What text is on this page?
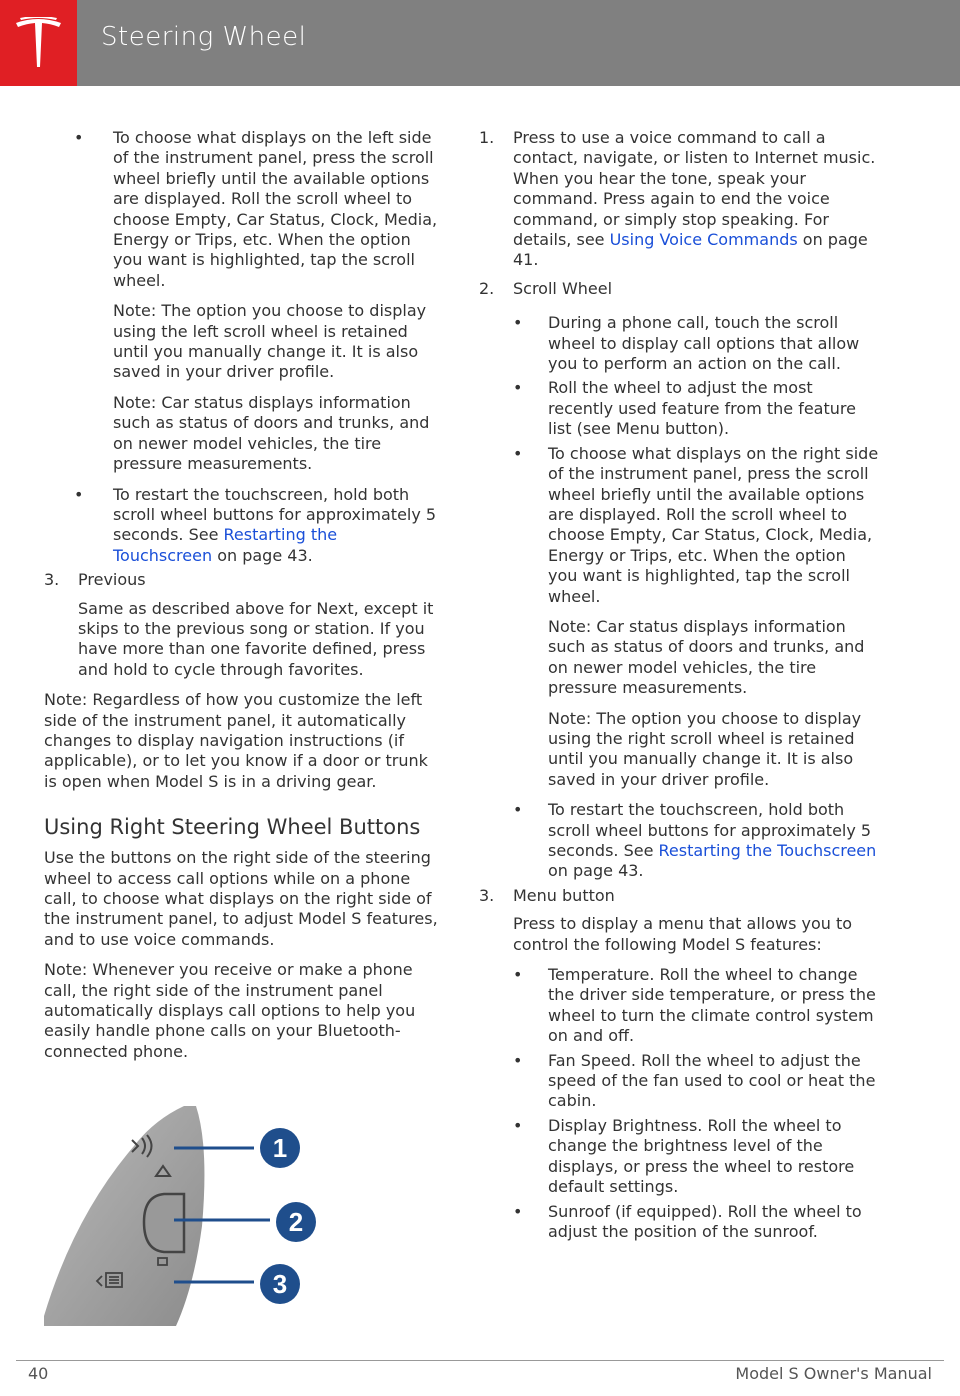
Steering Wheel
• To choose what displays on the left side of the instrument panel, press the scroll wheel briefly until the available options are displayed. Roll the scroll wheel to choose Empty, Car Status, Clock, Media, Energy or Trips, etc. When the option you want is highlighted, tap the scroll wheel.
Note: The option you choose to display using the left scroll wheel is retained until you manually change it. It is also saved in your driver profile.
Note: Car status displays information such as status of doors and trunks, and on newer model vehicles, the tire pressure measurements.
• To restart the touchscreen, hold both scroll wheel buttons for approximately 5 seconds. See Restarting the Touchscreen on page 43.
3. Previous
Same as described above for Next, except it skips to the previous song or station. If you have more than one favorite defined, press and hold to cycle through favorites.

Note: Regardless of how you customize the left side of the instrument panel, it automatically changes to display navigation instructions (if applicable), or to let you know if a door or trunk is open when Model S is in a driving gear.

Using Right Steering Wheel Buttons

Use the buttons on the right side of the steering wheel to access call options while on a phone call, to choose what displays on the right side of the instrument panel, to adjust Model S features, and to use voice commands.

Note: Whenever you receive or make a phone call, the right side of the instrument panel automatically displays call options to help you easily handle phone calls on your Bluetooth-connected phone.

1
2
3
1. Press to use a voice command to call a contact, navigate, or listen to Internet music. When you hear the tone, speak your command. Press again to end the voice command, or simply stop speaking. For details, see Using Voice Commands on page 41.
2. Scroll Wheel
• During a phone call, touch the scroll wheel to display call options that allow you to perform an action on the call.
• Roll the wheel to adjust the most recently used feature from the feature list (see Menu button).
• To choose what displays on the right side of the instrument panel, press the scroll wheel briefly until the available options are displayed. Roll the scroll wheel to choose Empty, Car Status, Clock, Media, Energy or Trips, etc. When the option you want is highlighted, tap the scroll wheel.
Note: Car status displays information such as status of doors and trunks, and on newer model vehicles, the tire pressure measurements.
Note: The option you choose to display using the right scroll wheel is retained until you manually change it. It is also saved in your driver profile.
• To restart the touchscreen, hold both scroll wheel buttons for approximately 5 seconds. See Restarting the Touchscreen on page 43.
3. Menu button
Press to display a menu that allows you to control the following Model S features:
• Temperature. Roll the wheel to change the driver side temperature, or press the wheel to turn the climate control system on and off.
• Fan Speed. Roll the wheel to adjust the speed of the fan used to cool or heat the cabin.
• Display Brightness. Roll the wheel to change the brightness level of the displays, or press the wheel to restore default settings.
• Sunroof (if equipped). Roll the wheel to adjust the position of the sunroof.
40	Model S Owner's Manual
